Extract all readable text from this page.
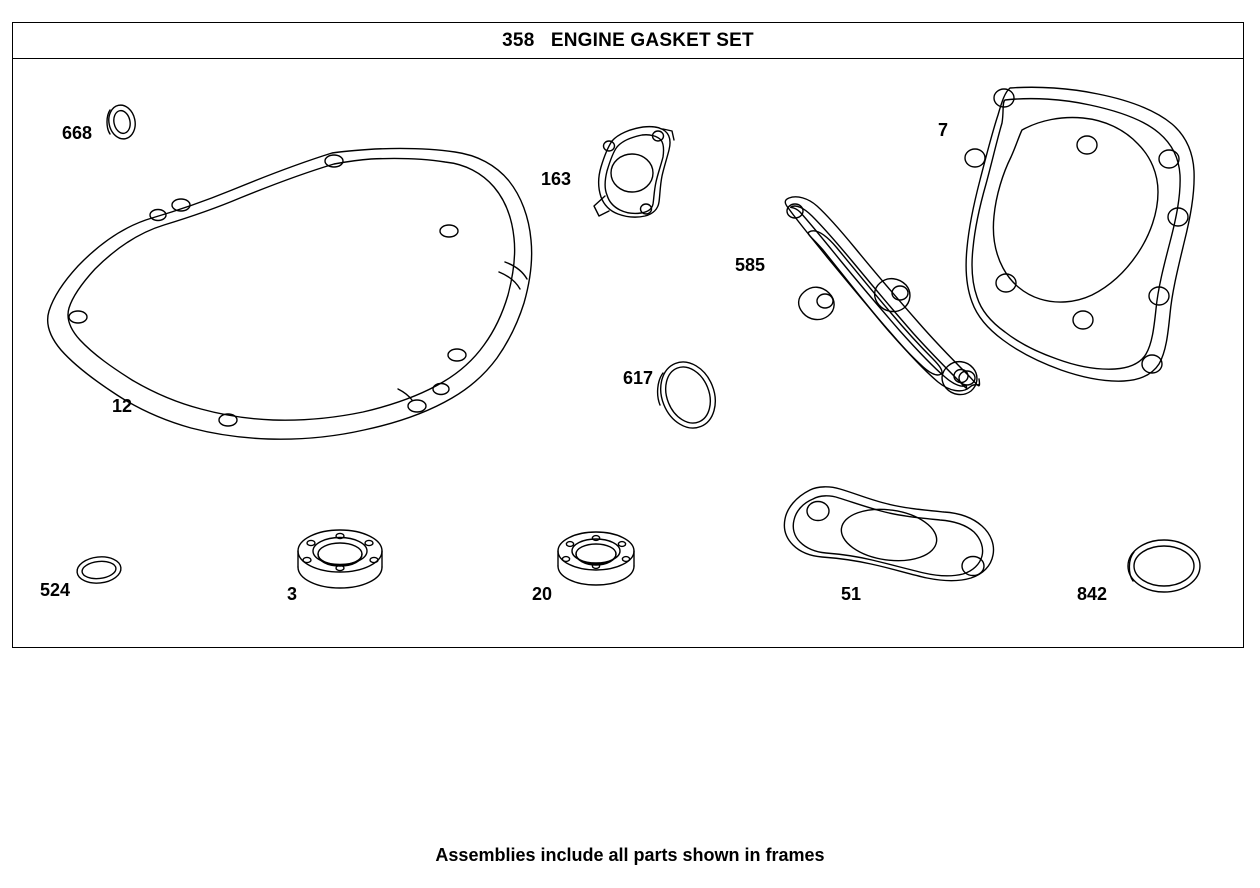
358   ENGINE GASKET SET
668
12
163
7
585
617
524	3	20	51	842
Assemblies include all parts shown in frames
